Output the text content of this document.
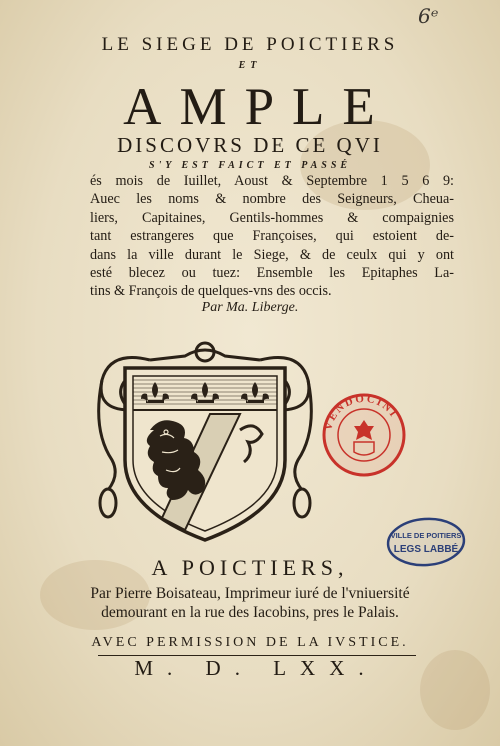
6ᵉ
LE SIEGE DE POICTIERS
ET
AMPLE
DISCOVRS DE CE QVI
S'Y EST FAICT ET PASSÉ
és mois de Iuillet, Aoust & Septembre 1 5 6 9:
Auec les noms & nombre des Seigneurs, Cheua-
liers, Capitaines, Gentils-hommes & compaignies
tant estrangeres que Françoises, qui estoient de-
dans la ville durant le Siege, & de ceulx qui y ont
esté blecez ou tuez: Ensemble les Epitaphes La-
tins & François de quelques-vns des occis.
Par Ma. Liberge.
VENDOCINI
VILLE DE POITIERS
LEGS LABBÉ
A POICTIERS,
Par Pierre Boisateau, Imprimeur iuré de l'vniuersité
demourant en la rue des Iacobins, pres le Palais.
AVEC PERMISSION DE LA IVSTICE.
M. D. LXX.
